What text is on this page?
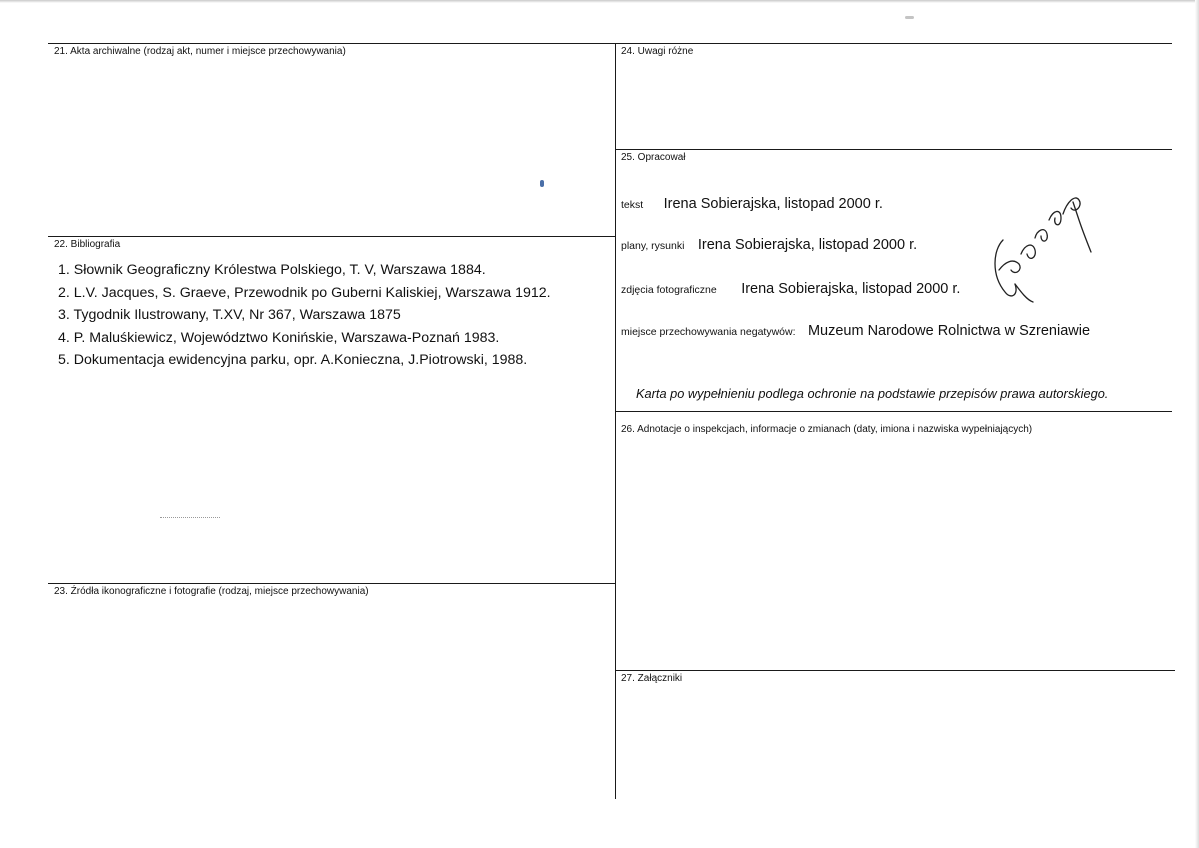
21. Akta archiwalne (rodzaj akt, numer i miejsce przechowywania)
22. Bibliografia
1. Słownik Geograficzny Królestwa Polskiego, T. V, Warszawa 1884.
2. L.V. Jacques, S. Graeve, Przewodnik po Guberni Kaliskiej, Warszawa 1912.
3. Tygodnik Ilustrowany, T.XV, Nr 367, Warszawa 1875
4. P. Maluśkiewicz, Województwo Konińskie, Warszawa-Poznań 1983.
5. Dokumentacja ewidencyjna parku, opr. A.Konieczna, J.Piotrowski, 1988.
23. Źródła ikonograficzne i fotografie (rodzaj, miejsce przechowywania)
24. Uwagi różne
25. Opracował
tekst Irena Sobierajska, listopad 2000 r.
plany, rysunki Irena Sobierajska, listopad 2000 r.
zdjęcia fotograficzne Irena Sobierajska, listopad 2000 r.
miejsce przechowywania negatywów: Muzeum Narodowe Rolnictwa w Szreniawie
Karta po wypełnieniu podlega ochronie na podstawie przepisów prawa autorskiego.
26. Adnotacje o inspekcjach, informacje o zmianach (daty, imiona i nazwiska wypełniających)
27. Załączniki
